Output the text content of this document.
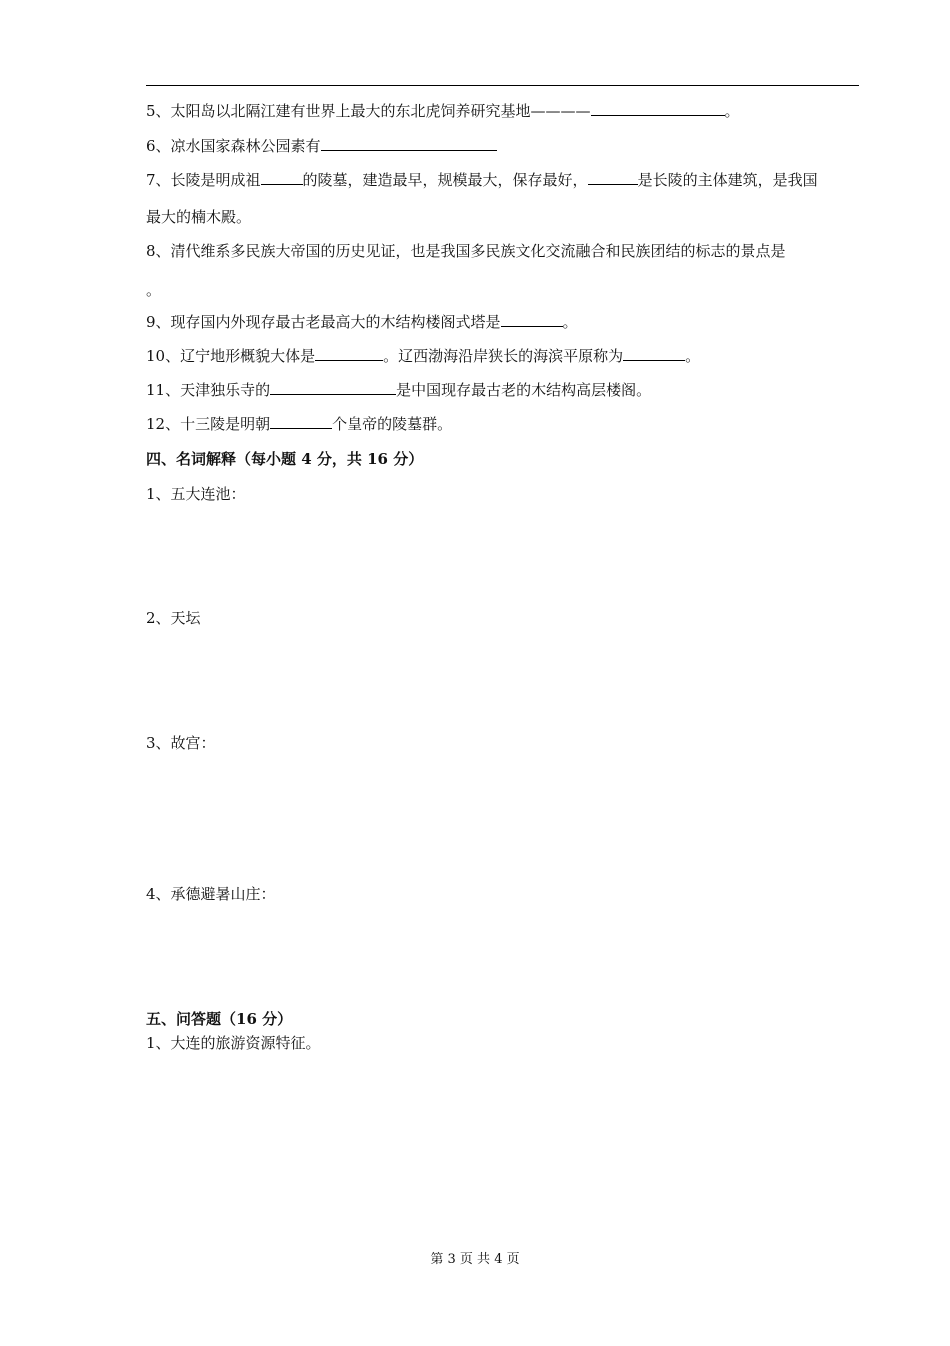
5、太阳岛以北隔江建有世界上最大的东北虎饲养研究基地————	。
6、凉水国家森林公园素有
7、长陵是明成祖	的陵墓，建造最早，规模最大，保存最好，	是长陵的主体建筑，是我国
最大的楠木殿。
8、清代维系多民族大帝国的历史见证，也是我国多民族文化交流融合和民族团结的标志的景点是
。
9、现存国内外现存最古老最高大的木结构楼阁式塔是	。
10、辽宁地形概貌大体是	。辽西渤海沿岸狭长的海滨平原称为	。
11、天津独乐寺的	是中国现存最古老的木结构高层楼阁。
12、十三陵是明朝	个皇帝的陵墓群。
四、名词解释（每小题 4 分，共 16 分）
1、五大连池：
2、天坛
3、故宫：
4、承德避暑山庄：
五、问答题（16 分）
1、大连的旅游资源特征。
第 3 页 共 4 页
